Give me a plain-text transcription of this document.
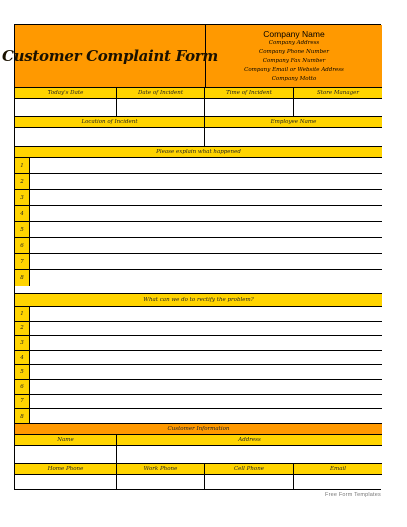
Customer Complaint Form
Company Name
Company Address
Company Phone Number
Company Fax Number
Company Email or Website Address
Company Motto
Today's Date	Date of Incident	Time of Incident	Store Manager
Location of Incident	Employee Name
Please explain what happened
1
2
3
4
5
6
7
8
What can we do to rectify the problem?
1
2
3
4
5
6
7
8
Customer Information
Name	Address
Home Phone	Work Phone	Cell Phone	Email
Free Form Templates
